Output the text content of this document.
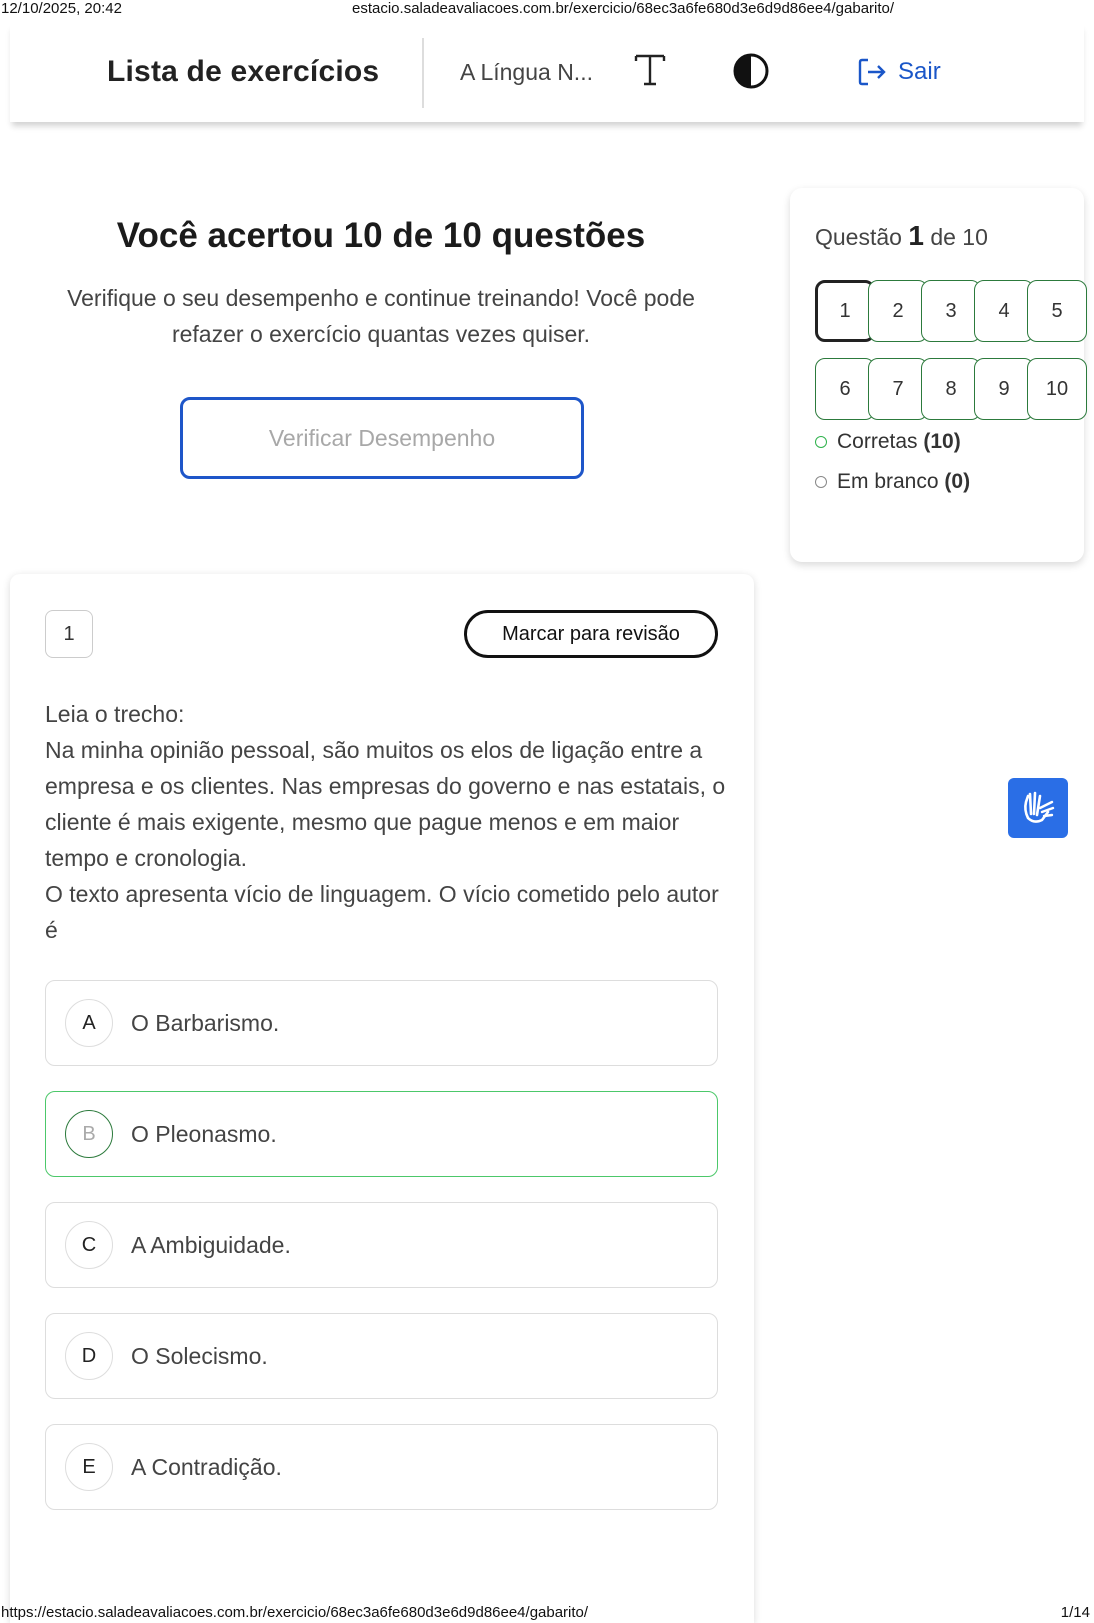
12/10/2025, 20:42	estacio.saladeavaliacoes.com.br/exercicio/68ec3a6fe680d3e6d9d86ee4/gabarito/
Lista de exercícios	A Língua N...	Sair
Você acertou 10 de 10 questões

Verifique o seu desempenho e continue treinando! Você pode refazer o exercício quantas vezes quiser.

Verificar Desempenho
Questão 1 de 10
1	2	3	4	5
6	7	8	9	10
Corretas (10)
Em branco (0)
1	Marcar para revisão
Leia o trecho:
Na minha opinião pessoal, são muitos os elos de ligação entre a empresa e os clientes. Nas empresas do governo e nas estatais, o cliente é mais exigente, mesmo que pague menos e em maior tempo e cronologia.
O texto apresenta vício de linguagem. O vício cometido pelo autor é
A	O Barbarismo.
B	O Pleonasmo.
C	A Ambiguidade.
D	O Solecismo.
E	A Contradição.
https://estacio.saladeavaliacoes.com.br/exercicio/68ec3a6fe680d3e6d9d86ee4/gabarito/	1/14
